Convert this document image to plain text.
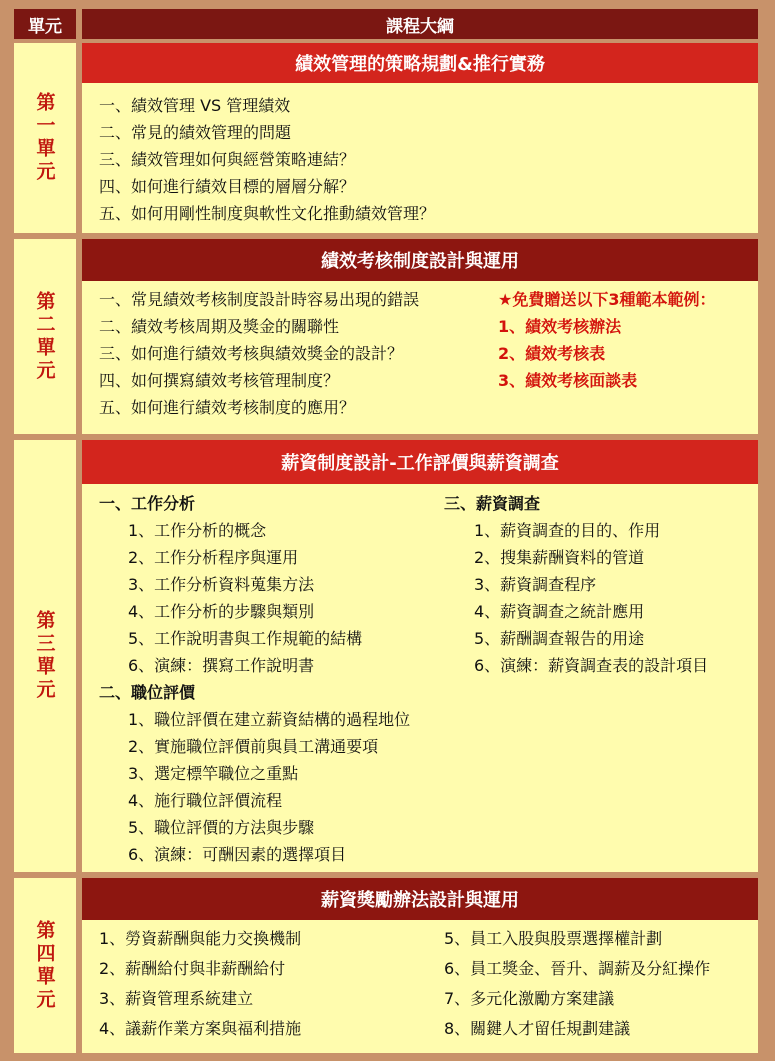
單元	課程大綱
第一單元
績效管理的策略規劃&推行實務
一、績效管理 VS 管理績效
二、常見的績效管理的問題
三、績效管理如何與經營策略連結？
四、如何進行績效目標的層層分解？
五、如何用剛性制度與軟性文化推動績效管理？
第二單元
績效考核制度設計與運用
一、常見績效考核制度設計時容易出現的錯誤
二、績效考核周期及獎金的關聯性
三、如何進行績效考核與績效獎金的設計？
四、如何撰寫績效考核管理制度？
五、如何進行績效考核制度的應用？
★免費贈送以下3種範本範例：
1、績效考核辦法
2、績效考核表
3、績效考核面談表
第三單元
薪資制度設計-工作評價與薪資調查
一、工作分析
1、工作分析的概念
2、工作分析程序與運用
3、工作分析資料蒐集方法
4、工作分析的步驟與類別
5、工作說明書與工作規範的結構
6、演練：撰寫工作說明書
二、職位評價
1、職位評價在建立薪資結構的過程地位
2、實施職位評價前與員工溝通要項
3、選定標竿職位之重點
4、施行職位評價流程
5、職位評價的方法與步驟
6、演練：可酬因素的選擇項目
三、薪資調查
1、薪資調查的目的、作用
2、搜集薪酬資料的管道
3、薪資調查程序
4、薪資調查之統計應用
5、薪酬調查報告的用途
6、演練：薪資調查表的設計項目
第四單元
薪資獎勵辦法設計與運用
1、勞資薪酬與能力交換機制
2、薪酬給付與非薪酬給付
3、薪資管理系統建立
4、議薪作業方案與福利措施
5、員工入股與股票選擇權計劃
6、員工獎金、晉升、調薪及分紅操作
7、多元化激勵方案建議
8、關鍵人才留任規劃建議
